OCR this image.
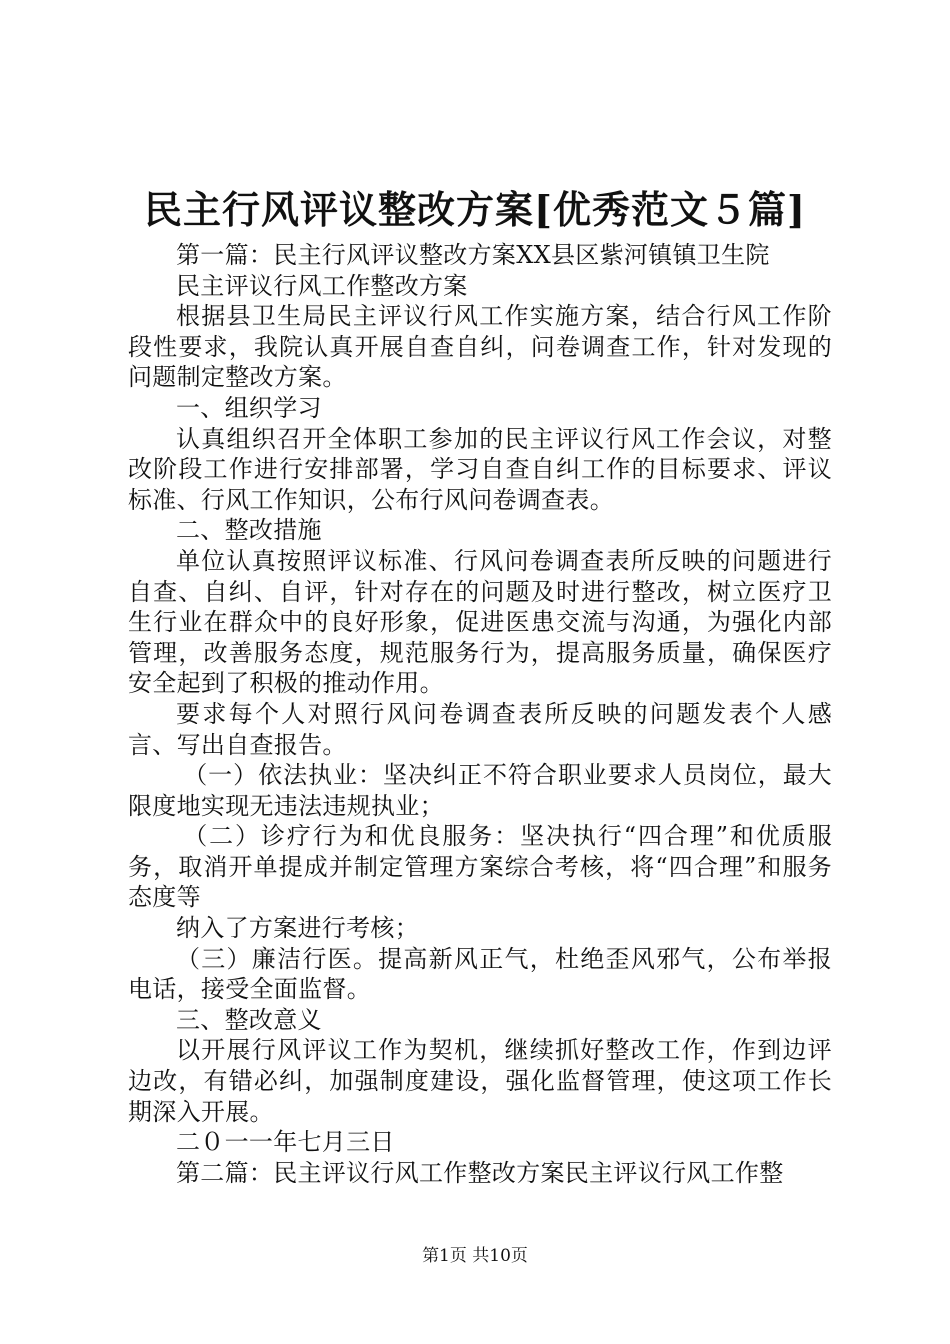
民主行风评议整改方案[优秀范文５篇]

第一篇：民主行风评议整改方案XX县区紫河镇镇卫生院

民主评议行风工作整改方案

根据县卫生局民主评议行风工作实施方案，结合行风工作阶段性要求，我院认真开展自查自纠，问卷调查工作，针对发现的问题制定整改方案。

一、组织学习

认真组织召开全体职工参加的民主评议行风工作会议，对整改阶段工作进行安排部署，学习自查自纠工作的目标要求、评议标准、行风工作知识，公布行风问卷调查表。

二、整改措施

单位认真按照评议标准、行风问卷调查表所反映的问题进行自查、自纠、自评，针对存在的问题及时进行整改，树立医疗卫生行业在群众中的良好形象，促进医患交流与沟通，为强化内部管理，改善服务态度，规范服务行为，提高服务质量，确保医疗安全起到了积极的推动作用。

要求每个人对照行风问卷调查表所反映的问题发表个人感言、写出自查报告。

（一）依法执业：坚决纠正不符合职业要求人员岗位，最大限度地实现无违法违规执业；

（二）诊疗行为和优良服务：坚决执行“四合理”和优质服务，取消开单提成并制定管理方案综合考核，将“四合理”和服务态度等

纳入了方案进行考核；

（三）廉洁行医。提高新风正气，杜绝歪风邪气，公布举报电话，接受全面监督。

三、整改意义

以开展行风评议工作为契机，继续抓好整改工作，作到边评边改，有错必纠，加强制度建设，强化监督管理，使这项工作长期深入开展。

二０一一年七月三日

第二篇：民主评议行风工作整改方案民主评议行风工作整

第1页 共10页
